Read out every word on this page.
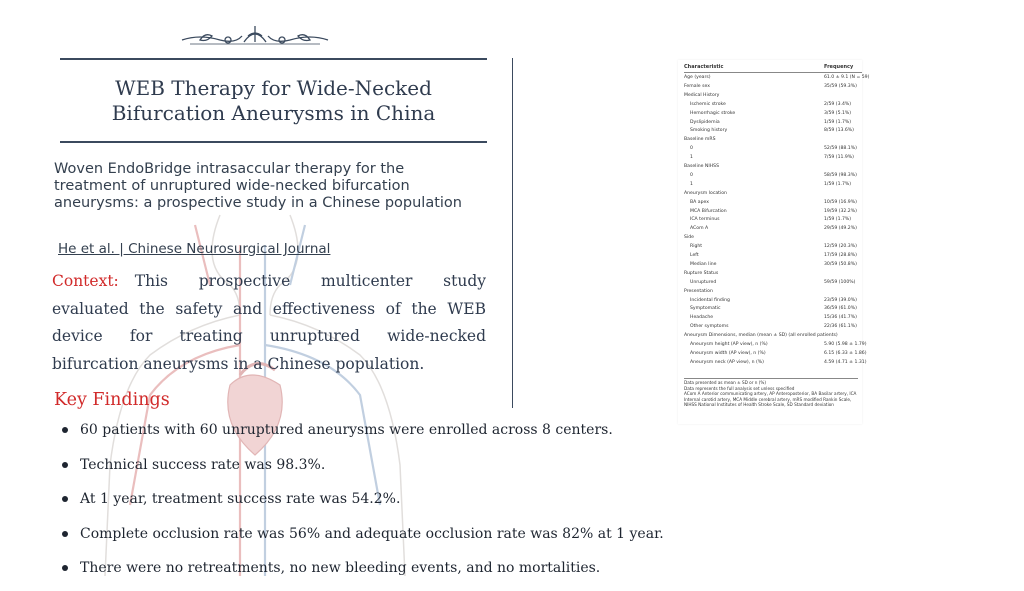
WEB Therapy for Wide-Necked Bifurcation Aneurysms in China
Woven EndoBridge intrasaccular therapy for the treatment of unruptured wide-necked bifurcation aneurysms: a prospective study in a Chinese population
He et al. | Chinese Neurosurgical Journal
Context: This prospective multicenter study evaluated the safety and effectiveness of the WEB device for treating unruptured wide-necked bifurcation aneurysms in a Chinese population.
Key Findings
60 patients with 60 unruptured aneurysms were enrolled across 8 centers.
Technical success rate was 98.3%.
At 1 year, treatment success rate was 54.2%.
Complete occlusion rate was 56% and adequate occlusion rate was 82% at 1 year.
There were no retreatments, no new bleeding events, and no mortalities.
Characteristic	Frequency
Age (years)	61.0 ± 9.1 (N = 59)
Female sex	35/59 (59.3%)
Medical History
Ischemic stroke	2/59 (3.4%)
Hemorrhagic stroke	3/59 (5.1%)
Dyslipidemia	1/59 (1.7%)
Smoking history	8/59 (13.6%)
Baseline mRS
0	52/59 (88.1%)
1	7/59 (11.9%)
Baseline NIHSS
0	58/59 (98.3%)
1	1/59 (1.7%)
Aneurysm location
BA apex	10/59 (16.9%)
MCA Bifurcation	19/59 (32.2%)
ICA terminus	1/59 (1.7%)
ACom A	29/59 (49.2%)
Side
Right	12/59 (20.3%)
Left	17/59 (28.8%)
Median line	30/59 (50.8%)
Rupture Status
Unruptured	59/59 (100%)
Presentation
Incidental finding	23/59 (39.0%)
Symptomatic	36/59 (61.0%)
Headache	15/36 (41.7%)
Other symptoms	22/36 (61.1%)
Aneurysm Dimensions, median (mean ± SD) (all enrolled patients)
Aneurysm height (AP view), n (%)	5.90 (5.98 ± 1.79)
Aneurysm width (AP view), n (%)	6.15 (6.33 ± 1.86)
Aneurysm neck (AP view), n (%)	4.59 (4.71 ± 1.31)
Data presented as mean ± SD or n (%)
Data represents the full analysis set unless specified
ACom A Anterior communicating artery, AP Anteroposterior, BA Basilar artery, ICA Internal carotid artery, MCA Middle cerebral artery, mRS modified Rankin Scale, NIHSS National Institutes of Health Stroke Scale, SD Standard deviation
